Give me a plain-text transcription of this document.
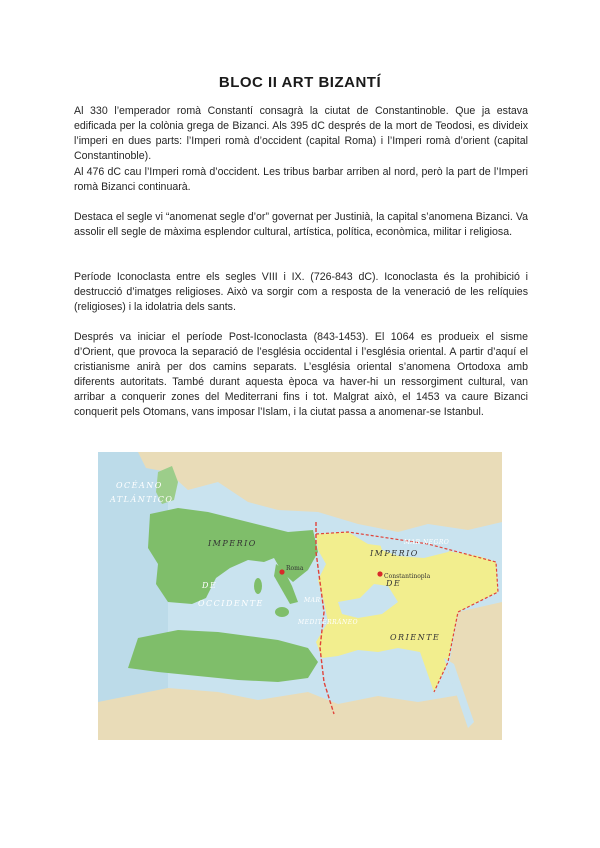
BLOC II ART BIZANTÍ

Al 330 l’emperador romà Constantí consagrà la ciutat de Constantinoble. Que ja estava edificada per la colònia grega de Bizanci. Als 395 dC després de la mort de Teodosi, es divideix l’imperi en dues parts: l’Imperi romà d’occident (capital Roma) i l’Imperi romà d’orient (capital Constantinoble).

Al 476 dC cau l’Imperi romà d’occident. Les tribus barbar arriben al nord, però la part de l’Imperi romà Bizanci continuarà.

Destaca el segle vi “anomenat segle d’or” governat per Justinià, la capital s’anomena Bizanci. Va assolir ell segle de màxima esplendor cultural, artística, política, econòmica, militar i religiosa.

Període Iconoclasta entre els segles VIII i IX. (726-843 dC). Iconoclasta és la prohibició i destrucció d’imatges religioses. Això va sorgir com a resposta de la veneració de les relíquies (religioses) i la idolatria dels sants.

Després va iniciar el període Post-Iconoclasta (843-1453). El 1064 es produeix el sisme d’Orient, que provoca la separació de l’església occidental i l’església oriental. A partir d’aquí el cristianisme anirà per dos camins separats. L’església oriental s’anomena Ortodoxa amb diferents autoritats. També durant aquesta època va haver-hi un ressorgiment cultural, van arribar a conquerir zones del Mediterrani fins i tot. Malgrat això, el 1453 va caure Bizanci conquerit pels Otomans, vans imposar l’Islam, i la ciutat passa a anomenar-se Istanbul.

OCÉANO
ATLÁNTICO
IMPERIO
DE
OCCIDENTE
IMPERIO
DE
ORIENTE
MAR NEGRO
MAR
MEDITERRÁNEO
Roma
Constantinopla
